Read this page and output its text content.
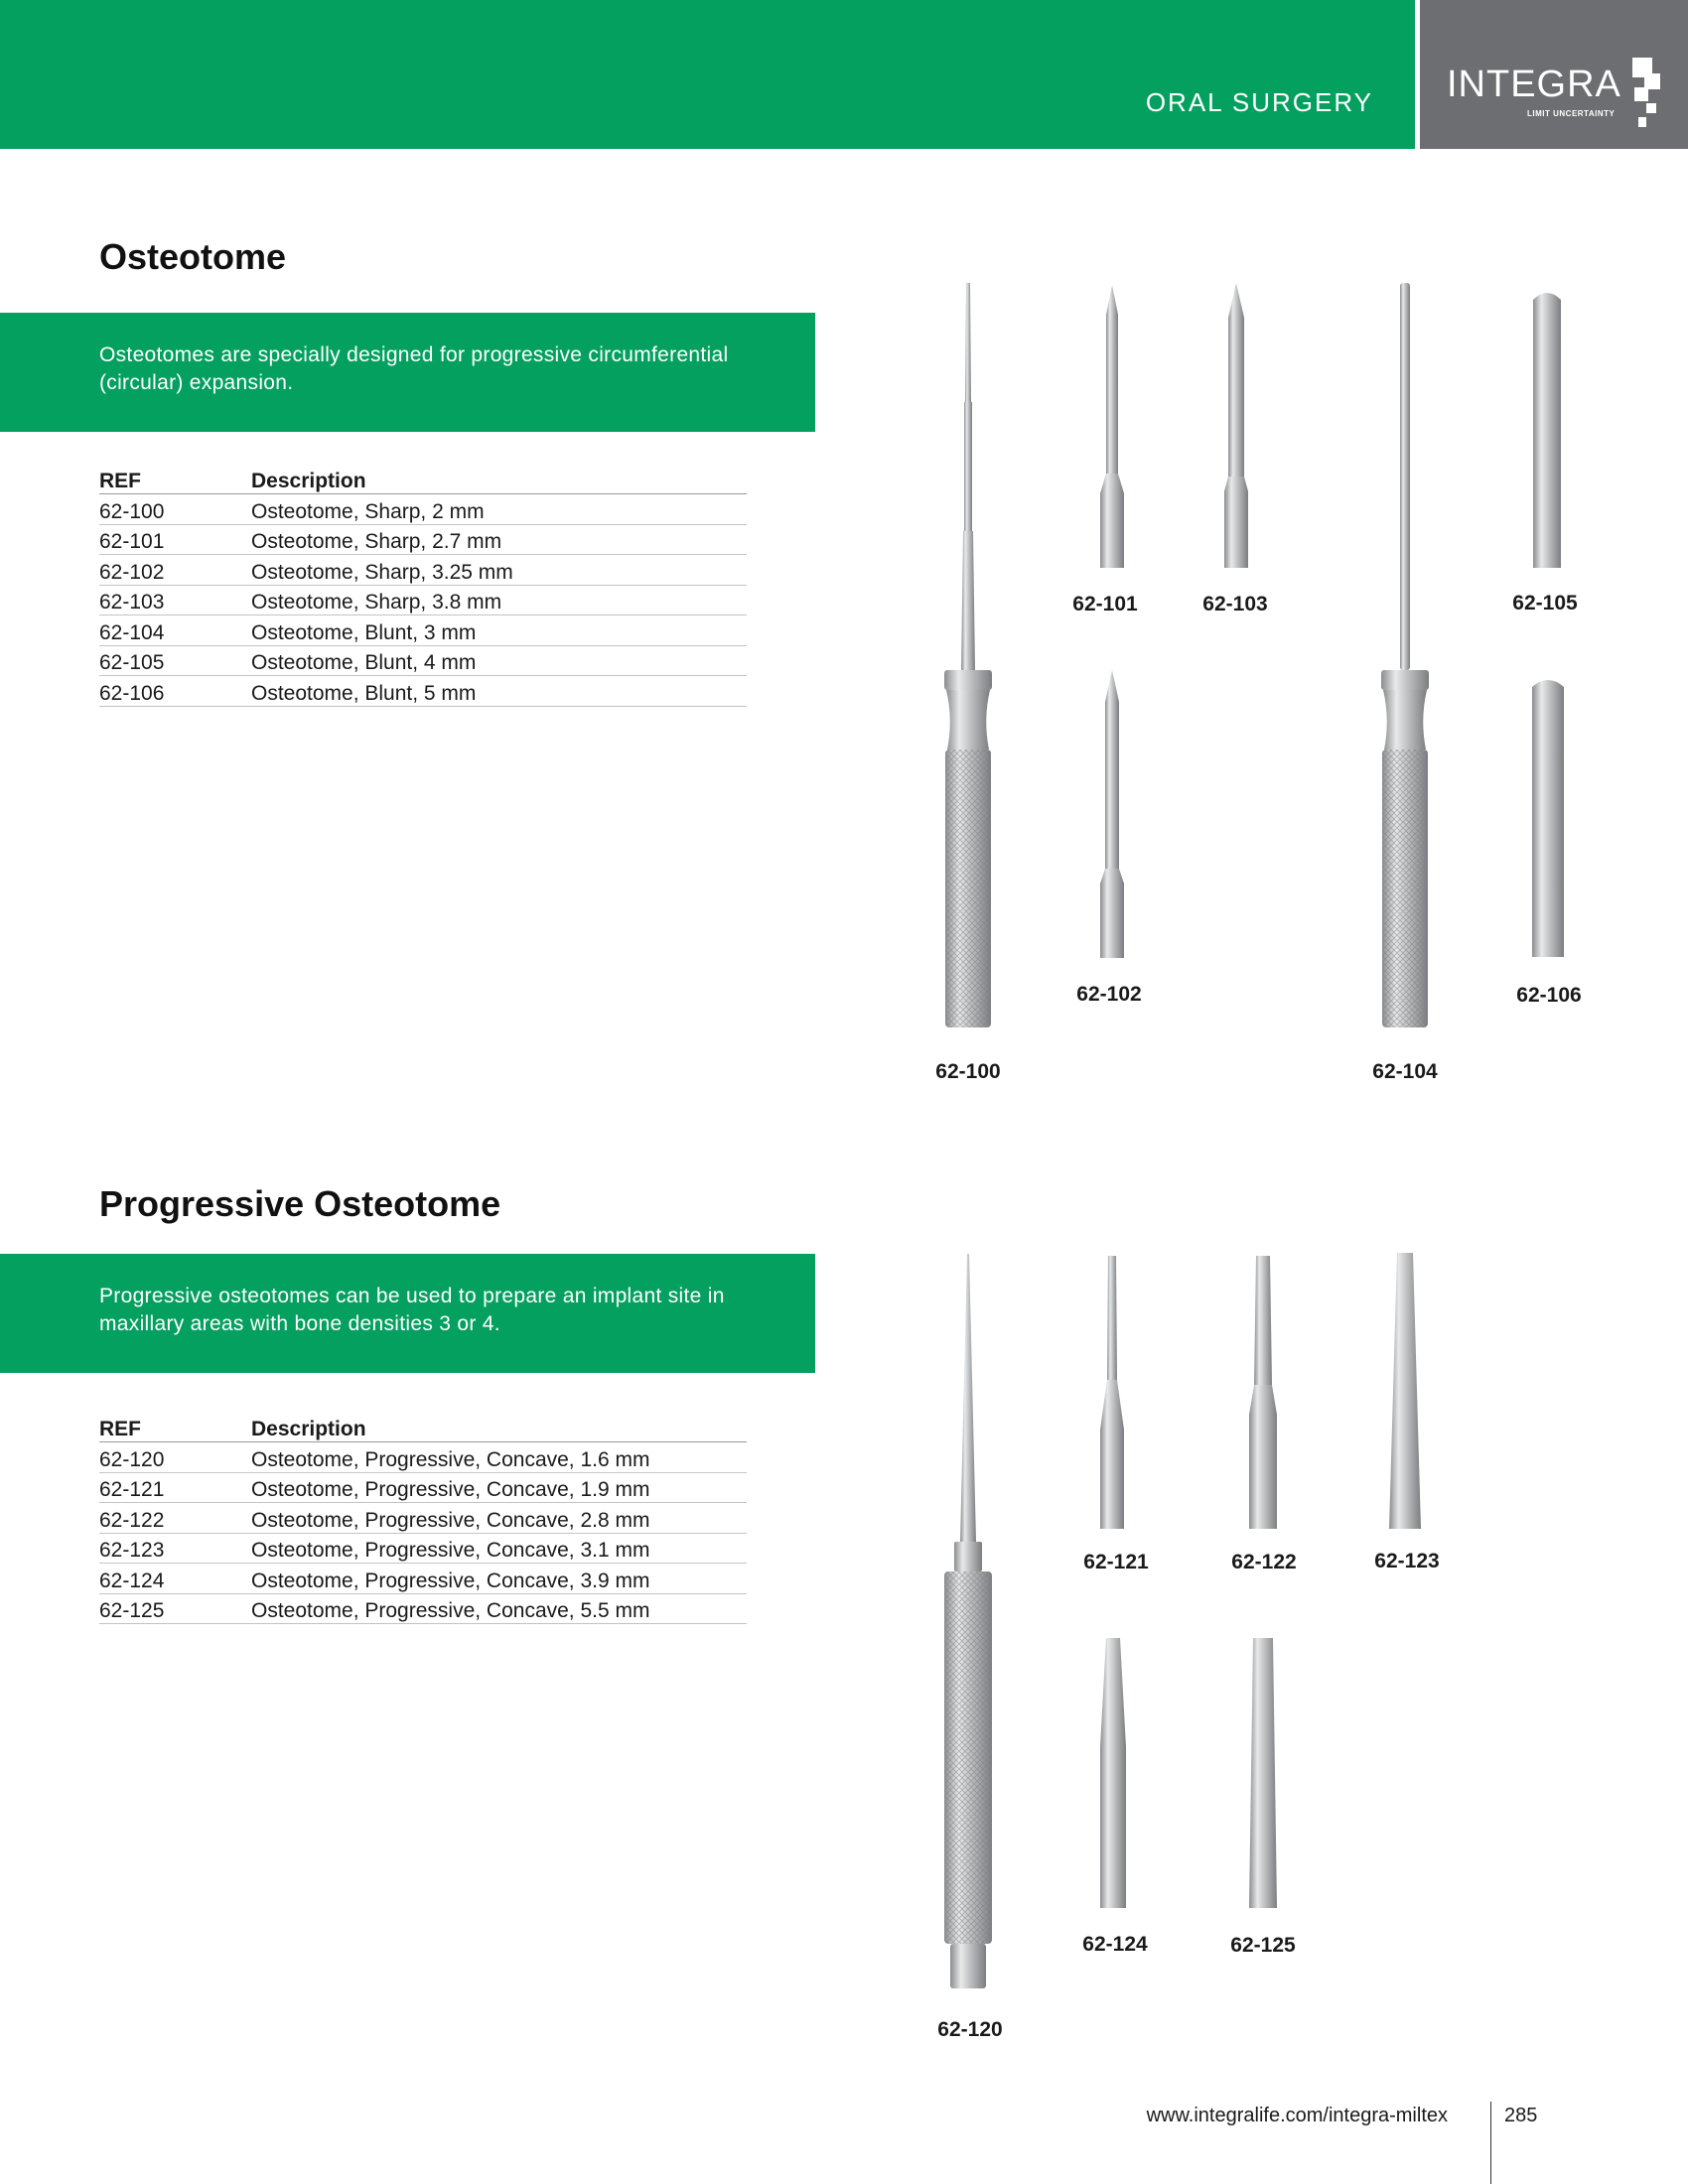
ORAL SURGERY INTEGRA
LIMIT UNCERTAINTY
Osteotome

Osteotomes are specially designed for progressive circumferential (circular) expansion.

REF	Description
62-100	Osteotome, Sharp, 2 mm
62-101	Osteotome, Sharp, 2.7 mm
62-102	Osteotome, Sharp, 3.25 mm
62-103	Osteotome, Sharp, 3.8 mm
62-104	Osteotome, Blunt, 3 mm
62-105	Osteotome, Blunt, 4 mm
62-106	Osteotome, Blunt, 5 mm
62-101	62-103	62-105
62-102	62-106
62-100	62-104
Progressive Osteotome

Progressive osteotomes can be used to prepare an implant site in maxillary areas with bone densities 3 or 4.

REF	Description
62-120	Osteotome, Progressive, Concave, 1.6 mm
62-121	Osteotome, Progressive, Concave, 1.9 mm
62-122	Osteotome, Progressive, Concave, 2.8 mm
62-123	Osteotome, Progressive, Concave, 3.1 mm
62-124	Osteotome, Progressive, Concave, 3.9 mm
62-125	Osteotome, Progressive, Concave, 5.5 mm
62-121	62-122	62-123
62-124	62-125
62-120
www.integralife.com/integra-miltex	285
